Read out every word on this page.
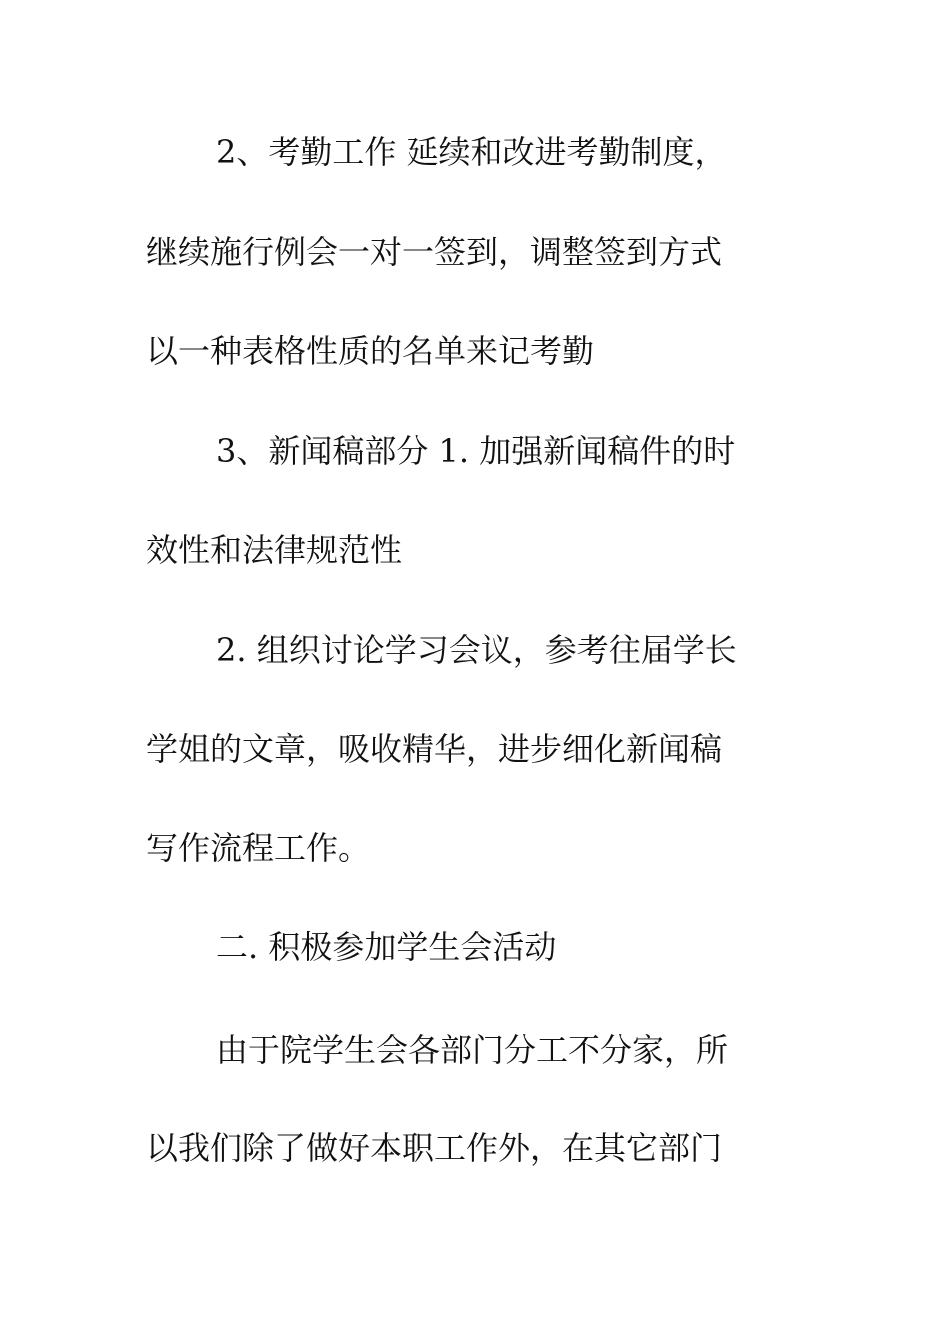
2、考勤工作 延续和改进考勤制度，
继续施行例会一对一签到，调整签到方式
以一种表格性质的名单来记考勤
3、新闻稿部分 1. 加强新闻稿件的时
效性和法律规范性
2. 组织讨论学习会议，参考往届学长
学姐的文章，吸收精华，进步细化新闻稿
写作流程工作。
二. 积极参加学生会活动
由于院学生会各部门分工不分家，所
以我们除了做好本职工作外，在其它部门
